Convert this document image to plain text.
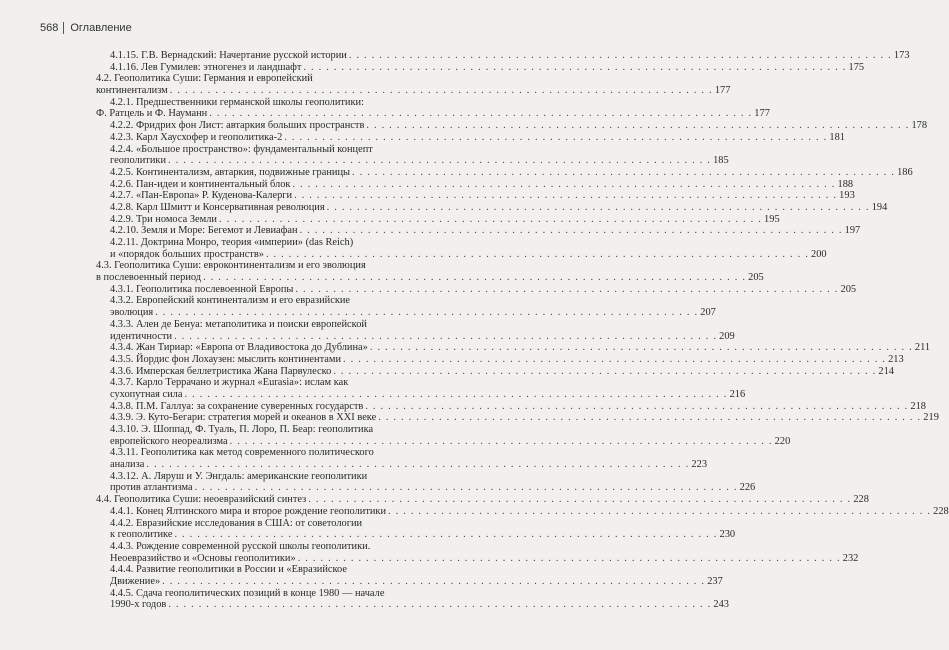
568 Оглавление
4.1.15. Г.В. Вернадский: Начертание русской истории . . .	173
4.1.16. Лев Гумилев: этногенез и ландшафт . . .	175
4.2. Геополитика Суши: Германия и европейский
континентализм . . .	177
4.2.1. Предшественники германской школы геополитики:
Ф. Ратцель и Ф. Науманн . . .	177
4.2.2. Фридрих фон Лист: автаркия больших пространств . . .	178
4.2.3. Карл Хаусхофер и геополитика-2 . . .	181
4.2.4. «Большое пространство»: фундаментальный концепт
геополитики . . .	185
4.2.5. Континентализм, автаркия, подвижные границы . . .	186
4.2.6. Пан-идеи и континентальный блок . . .	188
4.2.7. «Пан-Европа» Р. Куденова-Калерги . . .	193
4.2.8. Карл Шмитт и Консервативная революция . . .	194
4.2.9. Три номоса Земли . . .	195
4.2.10. Земля и Море: Бегемот и Левиафан . . .	197
4.2.11. Доктрина Монро, теория «империи» (das Reich)
и «порядок больших пространств» . . .	200
4.3. Геополитика Суши: евроконтинентализм и его эволюция
в послевоенный период . . .	205
4.3.1. Геополитика послевоенной Европы . . .	205
4.3.2. Европейский континентализм и его евразийские
эволюция . . .	207
4.3.3. Ален де Бенуа: метаполитика и поиски европейской
идентичности . . .	209
4.3.4. Жан Тириар: «Европа от Владивостока до Дублина» . . .	211
4.3.5. Йордис фон Лохаузен: мыслить континентами . . .	213
4.3.6. Имперская беллетристика Жана Парвулеско . . .	214
4.3.7. Карло Террачано и журнал «Eurasia»: ислам как
сухопутная сила . . .	216
4.3.8. П.М. Галлуа: за сохранение суверенных государств . . .	218
4.3.9. Э. Куто-Бегари: стратегия морей и океанов в XXI веке . . .	219
4.3.10. Э. Шоппад, Ф. Туаль, П. Лоро, П. Беар: геополитика
европейского неореализма . . .	220
4.3.11. Геополитика как метод современного политического
анализа . . .	223
4.3.12. А. Ляруш и У. Энгдаль: американские геополитики
против атлантизма . . .	226
4.4. Геополитика Суши: неоевразийский синтез . . .	228
4.4.1. Конец Ялтинского мира и второе рождение геополитики . . .	228
4.4.2. Евразийские исследования в США: от советологии
к геополитике . . .	230
4.4.3. Рождение современной русской школы геополитики.
Неоевразийство и «Основы геополитики» . . .	232
4.4.4. Развитие геополитики в России и «Евразийское
Движение» . . .	237
4.4.5. Сдача геополитических позиций в конце 1980 — начале
1990-х годов . . .	243
